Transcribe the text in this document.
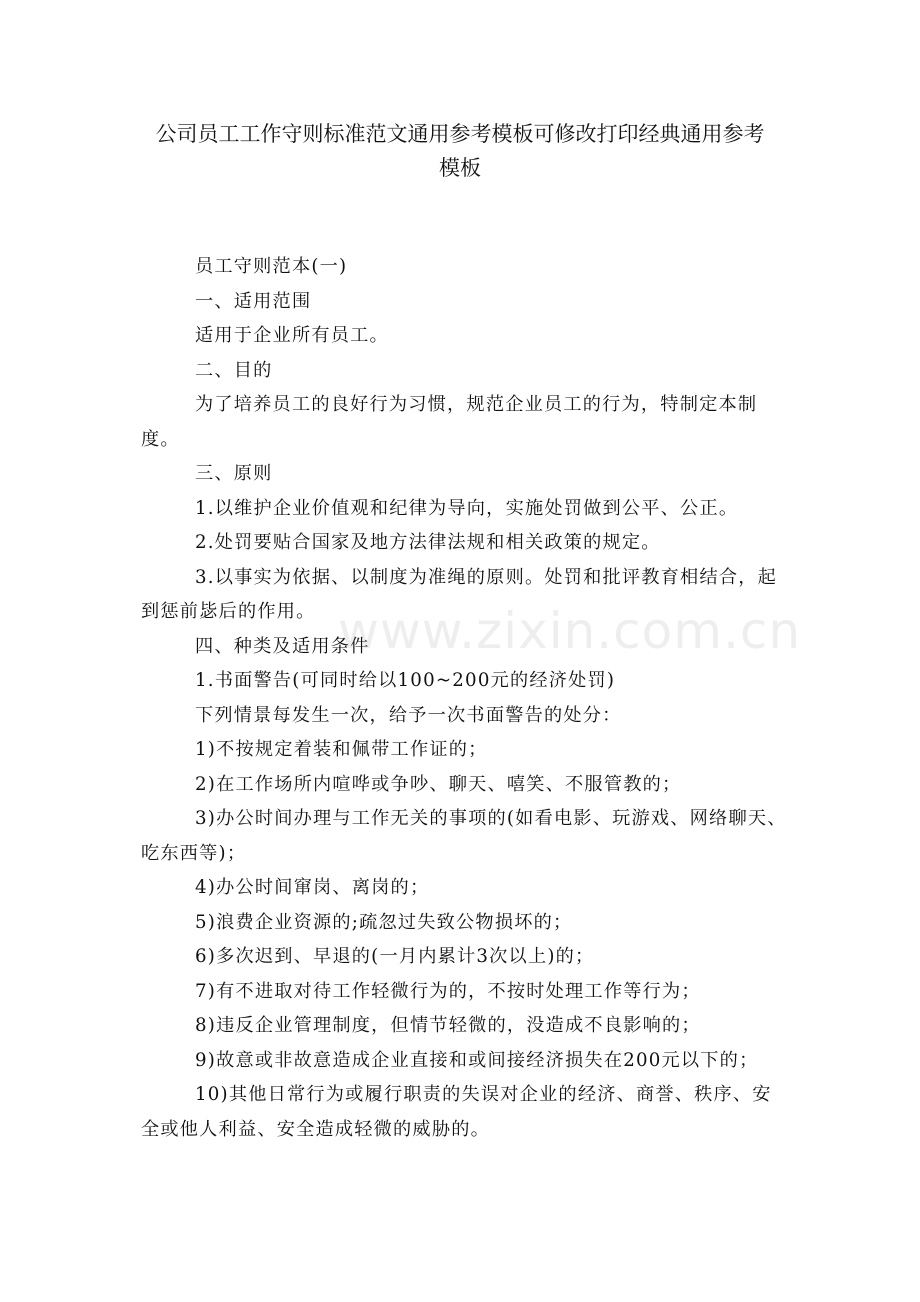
公司员工工作守则标准范文通用参考模板可修改打印经典通用参考
模板

员工守则范本(一)

一、适用范围

适用于企业所有员工。

二、目的

为了培养员工的良好行为习惯，规范企业员工的行为，特制定本制度。

三、原则

1.以维护企业价值观和纪律为导向，实施处罚做到公平、公正。

2.处罚要贴合国家及地方法律法规和相关政策的规定。

3.以事实为依据、以制度为准绳的原则。处罚和批评教育相结合，起到惩前毖后的作用。

四、种类及适用条件

1.书面警告(可同时给以100~200元的经济处罚)

下列情景每发生一次，给予一次书面警告的处分：

1)不按规定着装和佩带工作证的；

2)在工作场所内喧哗或争吵、聊天、嘻笑、不服管教的；

3)办公时间办理与工作无关的事项的(如看电影、玩游戏、网络聊天、吃东西等)；

4)办公时间窜岗、离岗的；

5)浪费企业资源的;疏忽过失致公物损坏的；

6)多次迟到、早退的(一月内累计3次以上)的；

7)有不进取对待工作轻微行为的，不按时处理工作等行为；

8)违反企业管理制度，但情节轻微的，没造成不良影响的；

9)故意或非故意造成企业直接和或间接经济损失在200元以下的；

10)其他日常行为或履行职责的失误对企业的经济、商誉、秩序、安全或他人利益、安全造成轻微的威胁的。

www.zixin.com.cn
